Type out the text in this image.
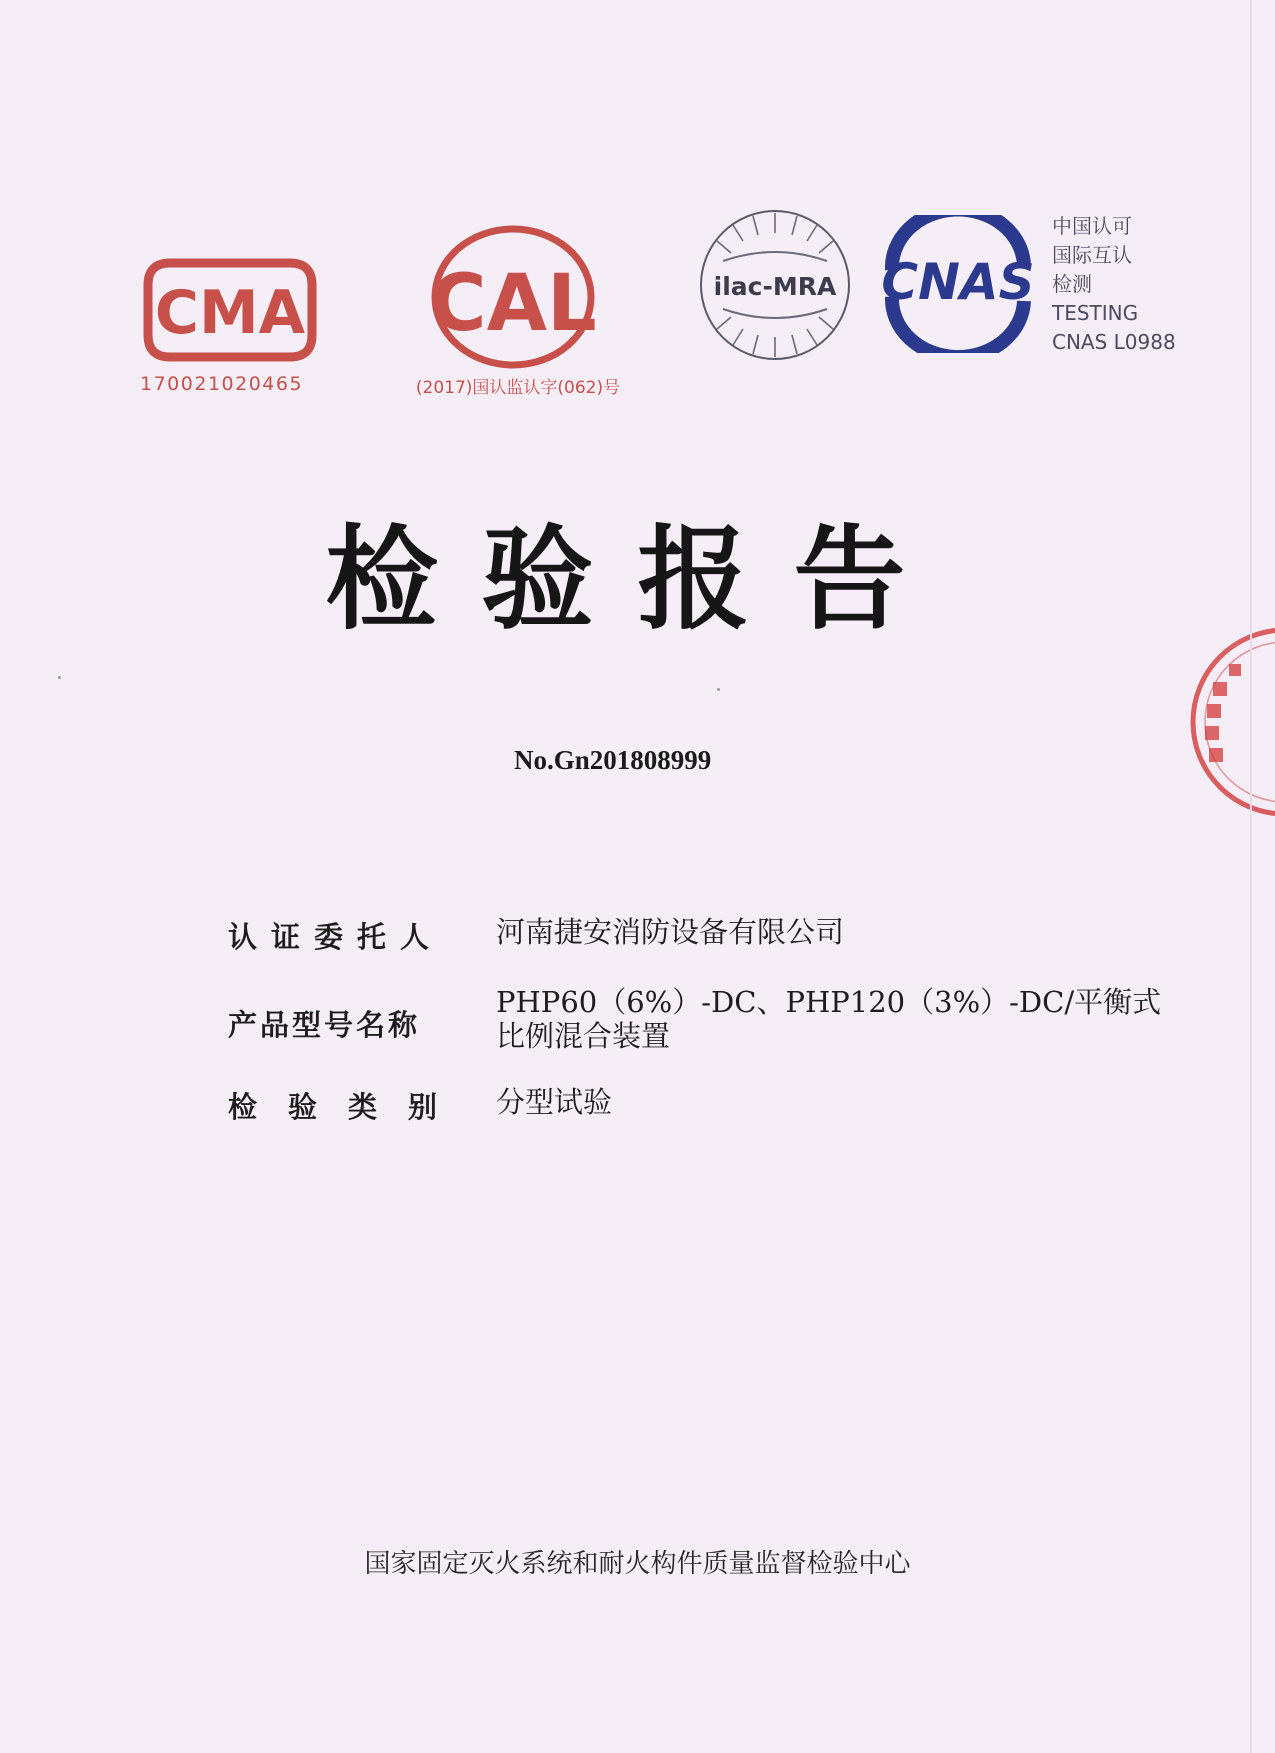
CMA
170021020465
CAL
(2017)国认监认字(062)号
ilac-MRA CNAS
中国认可
国际互认
检测
TESTING
CNAS L0988
检验报告
No.Gn201808999
认证委托人 河南捷安消防设备有限公司
产品型号名称
PHP60（6%）-DC、PHP120（3%）-DC/平衡式
比例混合装置
检验类别 分型试验
国家固定灭火系统和耐火构件质量监督检验中心
